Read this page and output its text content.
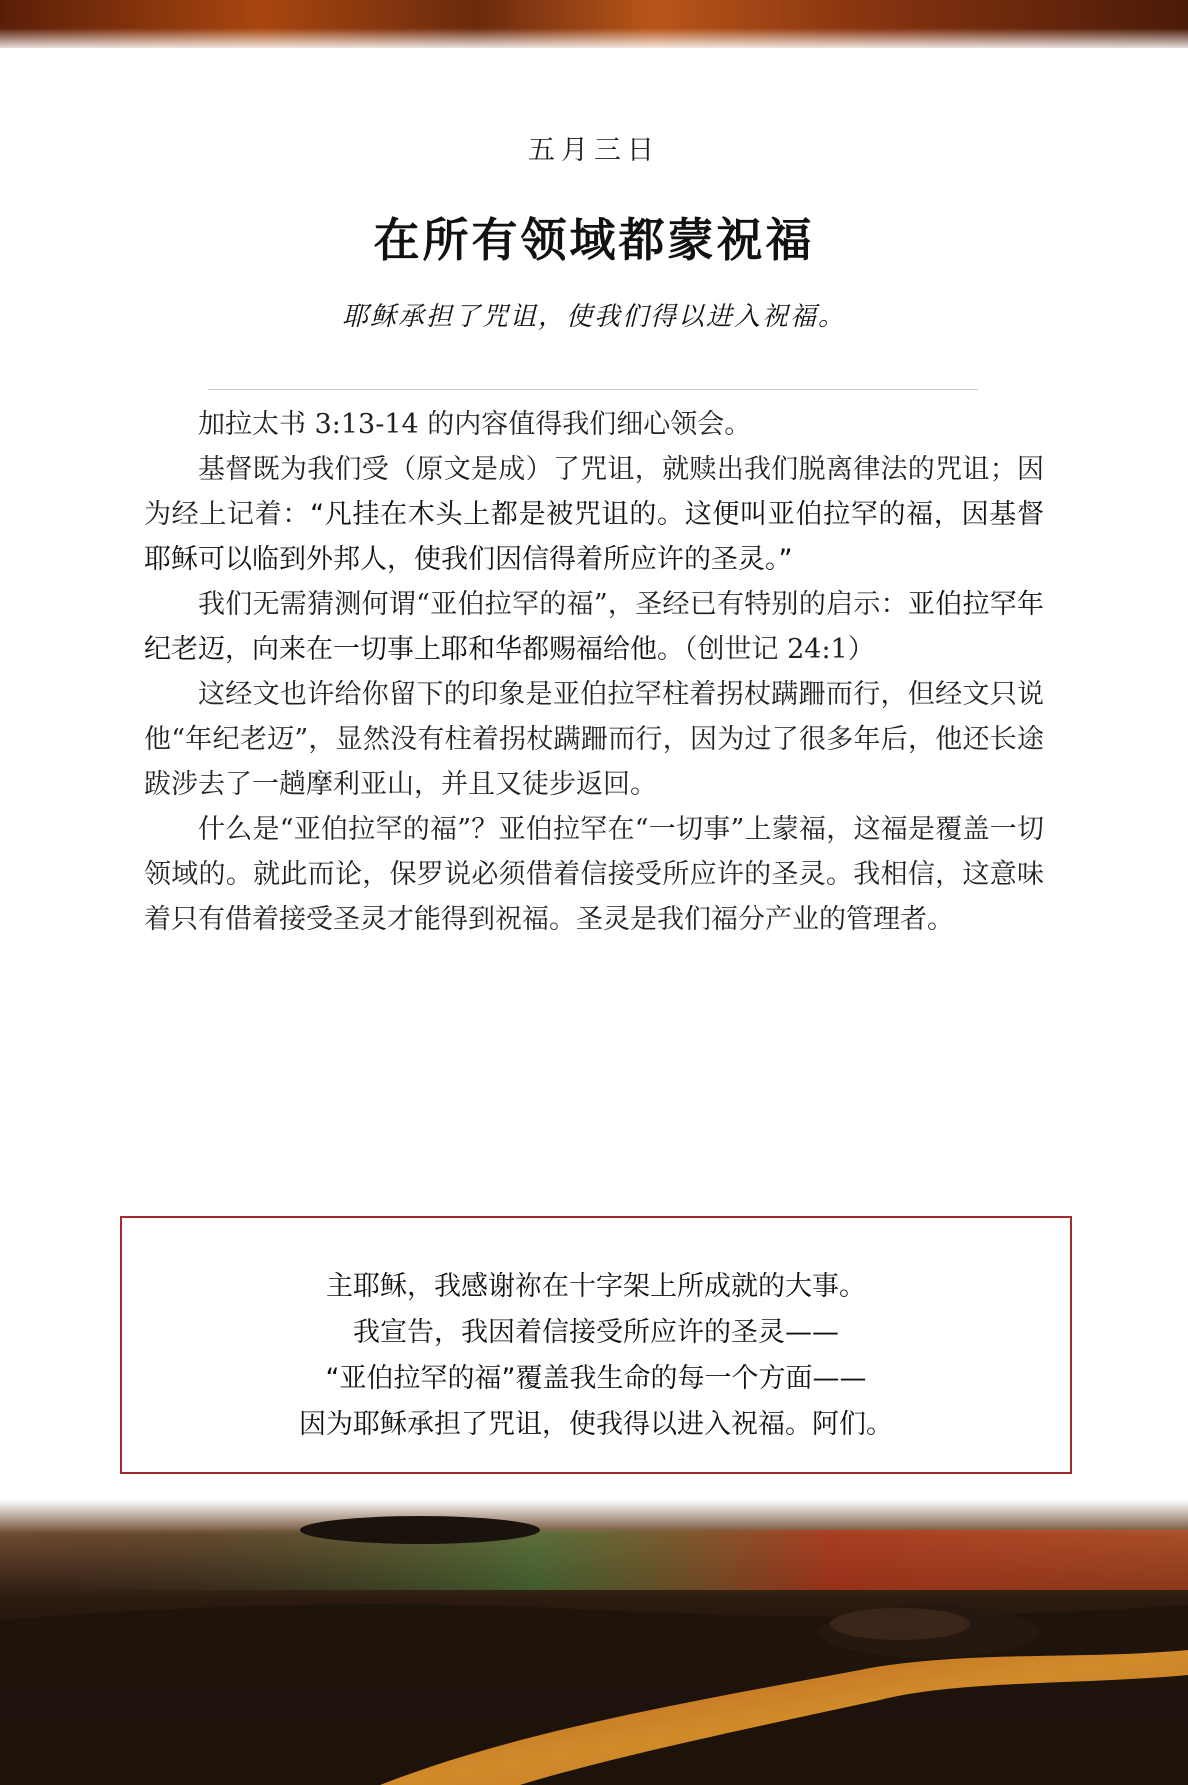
五月三日
在所有领域都蒙祝福
耶稣承担了咒诅，使我们得以进入祝福。

加拉太书 3:13-14 的内容值得我们细心领会。

基督既为我们受（原文是成）了咒诅，就赎出我们脱离律法的咒诅；因为经上记着：“凡挂在木头上都是被咒诅的。这便叫亚伯拉罕的福，因基督耶稣可以临到外邦人，使我们因信得着所应许的圣灵。”

我们无需猜测何谓“亚伯拉罕的福”，圣经已有特别的启示：亚伯拉罕年纪老迈，向来在一切事上耶和华都赐福给他。（创世记 24:1）

这经文也许给你留下的印象是亚伯拉罕柱着拐杖蹒跚而行，但经文只说他“年纪老迈”，显然没有柱着拐杖蹒跚而行，因为过了很多年后，他还长途跋涉去了一趟摩利亚山，并且又徒步返回。

什么是“亚伯拉罕的福”？亚伯拉罕在“一切事”上蒙福，这福是覆盖一切领域的。就此而论，保罗说必须借着信接受所应许的圣灵。我相信，这意味着只有借着接受圣灵才能得到祝福。圣灵是我们福分产业的管理者。

主耶稣，我感谢祢在十字架上所成就的大事。
我宣告，我因着信接受所应许的圣灵——
“亚伯拉罕的福”覆盖我生命的每一个方面——
因为耶稣承担了咒诅，使我得以进入祝福。阿们。
